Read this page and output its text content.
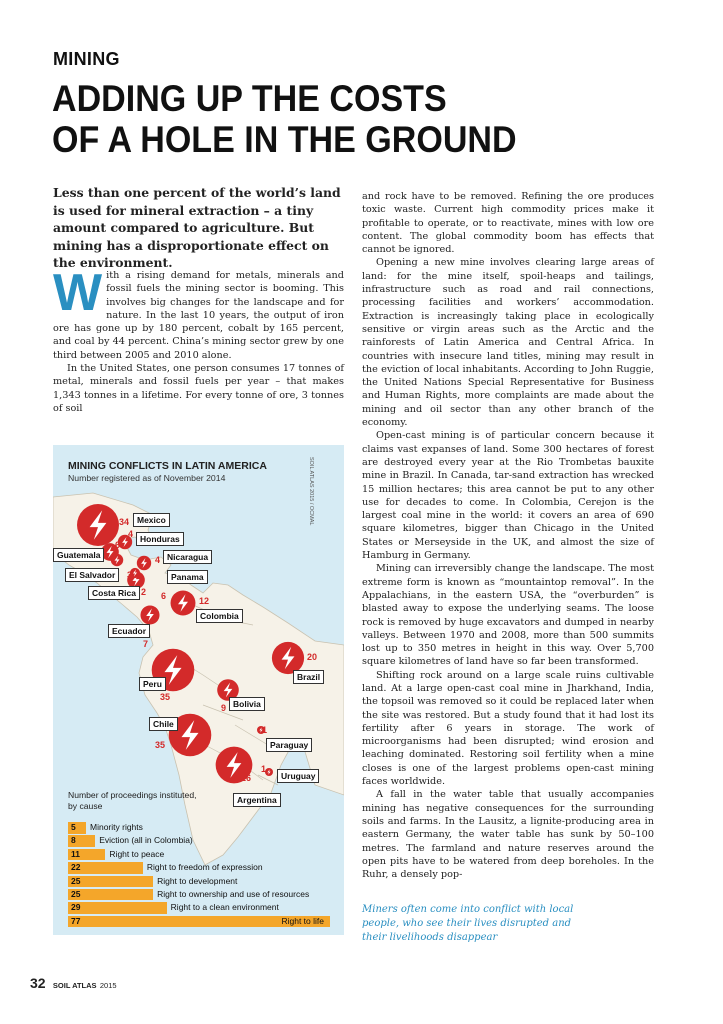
MINING
ADDING UP THE COSTS
OF A HOLE IN THE GROUND
Less than one percent of the world’s land is used for mineral extraction – a tiny amount compared to agriculture. But mining has a disproportionate effect on the environment.

With a rising demand for metals, minerals and fossil fuels the mining sector is booming. This involves big changes for the landscape and for nature. In the last 10 years, the output of iron ore has gone up by 180 percent, cobalt by 165 percent, and coal by 44 percent. China’s mining sector grew by one third between 2005 and 2010 alone.

In the United States, one person consumes 17 tonnes of metal, minerals and fossil fuels per year – that makes 1,343 tonnes in a lifetime. For every tonne of ore, 3 tonnes of soil

and rock have to be removed. Refining the ore produces toxic waste. Current high commodity prices make it profitable to operate, or to reactivate, mines with low ore content. The global commodity boom has effects that cannot be ignored.

Opening a new mine involves clearing large areas of land: for the mine itself, spoil-heaps and tailings, infrastructure such as road and rail connections, processing facilities and workers’ accommodation. Extraction is increasingly taking place in ecologically sensitive or virgin areas such as the Arctic and the rainforests of Latin America and Central Africa. In countries with insecure land titles, mining may result in the eviction of local inhabitants. According to John Ruggie, the United Nations Special Representative for Business and Human Rights, more complaints are made about the mining and oil sector than any other branch of the economy.

Open-cast mining is of particular concern because it claims vast expanses of land. Some 300 hectares of forest are destroyed every year at the Rio Trombetas bauxite mine in Brazil. In Canada, tar-sand extraction has wrecked 15 million hectares; this area cannot be put to any other use for decades to come. In Colombia, Cerejon is the largest coal mine in the world: it covers an area of 690 square kilometres, bigger than Chicago in the United States or Merseyside in the UK, and almost the size of Hamburg in Germany.

Mining can irreversibly change the landscape. The most extreme form is known as “mountaintop removal”. In the Appalachians, in the eastern USA, the “overburden” is blasted away to expose the underlying seams. The loose rock is removed by huge excavators and dumped in nearby valleys. Between 1970 and 2008, more than 500 summits lost up to 350 metres in height in this way. Over 5,700 square kilometres of land have so far been transformed.

Shifting rock around on a large scale ruins cultivable land. At a large open-cast coal mine in Jharkhand, India, the topsoil was removed so it could be replaced later when the site was restored. But a study found that it had lost its fertility after 6 years in storage. The work of microorganisms had been disrupted; wind erosion and leaching dominated. Restoring soil fertility when a mine closes is one of the largest problems open-cast mining faces worldwide.

A fall in the water table that usually accompanies mining has negative consequences for the surrounding soils and farms. In the Lausitz, a lignite-producing area in eastern Germany, the water table has sunk by 50–100 metres. The farmland and nature reserves around the open pits have to be watered from deep boreholes. In the Ruhr, a densely pop-

MINING CONFLICTS IN LATIN AMERICA
Number registered as of November 2014	SOIL ATLAS 2015 / OCMAL
Mexico
34
Honduras
4
Guatemala
6
Nicaragua
4
El Salvador	3	Panama
6
Costa Rica 2
Colombia
12
Ecuador
7
Brazil
20
Peru
35
Bolivia
9
Chile
35	Paraguay
1
Argentina
26	Uruguay
1
Number of proceedings instituted, by cause
5 Minority rights
8	Eviction (all in Colombia)
11	Right to peace
22	Right to freedom of expression
25	Right to development
25	Right to ownership and use of resources
29	Right to a clean environment
77	Right to life
Miners often come into conflict with local people, who see their lives disrupted and their livelihoods disappear
32 SOIL ATLAS 2015
